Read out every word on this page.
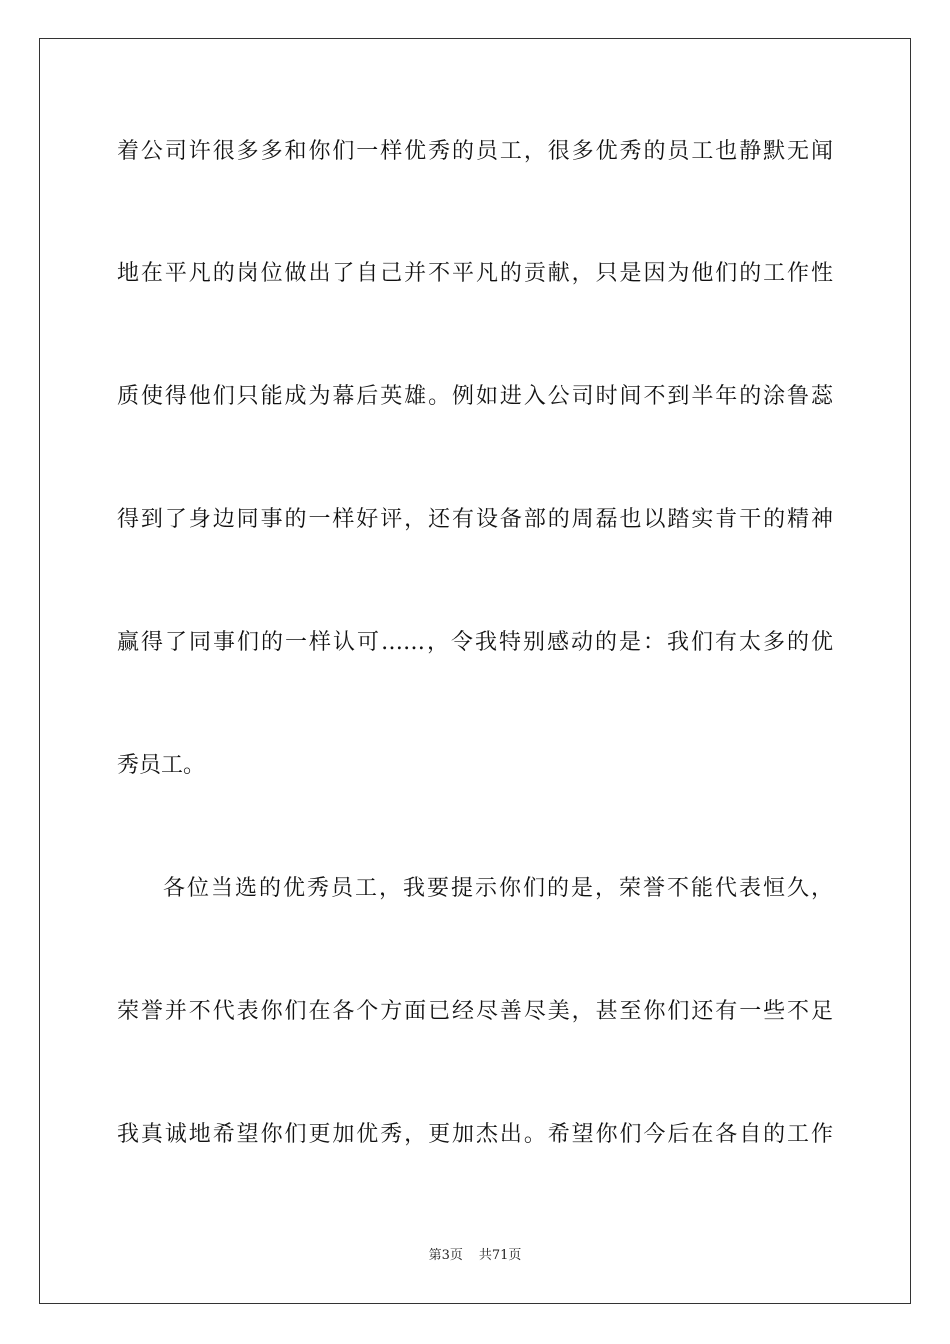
着公司许很多多和你们一样优秀的员工，很多优秀的员工也静默无闻
地在平凡的岗位做出了自己并不平凡的贡献，只是因为他们的工作性
质使得他们只能成为幕后英雄。例如进入公司时间不到半年的涂鲁蕊
得到了身边同事的一样好评，还有设备部的周磊也以踏实肯干的精神
赢得了同事们的一样认可……，令我特别感动的是：我们有太多的优
秀员工。
各位当选的优秀员工，我要提示你们的是，荣誉不能代表恒久，
荣誉并不代表你们在各个方面已经尽善尽美，甚至你们还有一些不足
我真诚地希望你们更加优秀，更加杰出。希望你们今后在各自的工作
第3页 共71页
